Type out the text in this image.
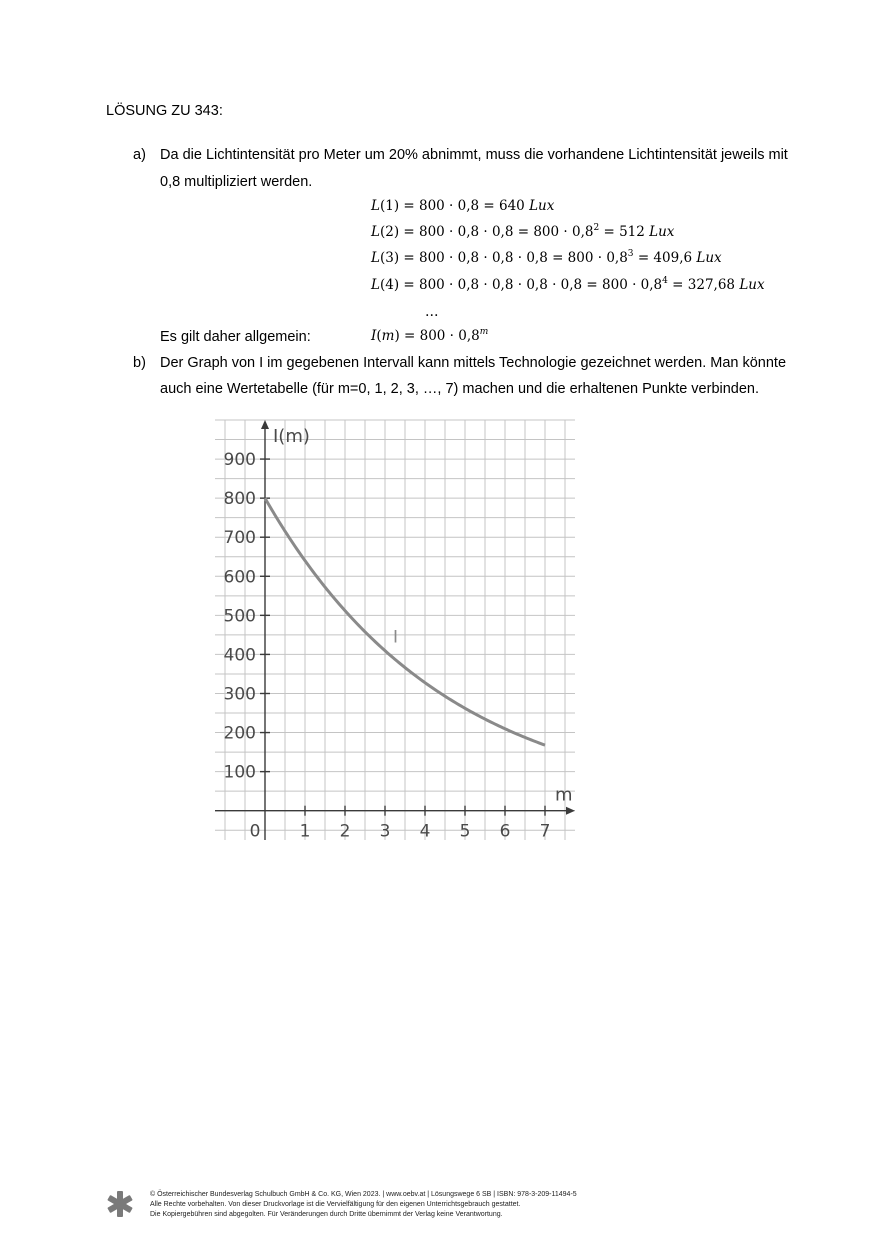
LÖSUNG ZU 343:
a) Da die Lichtintensität pro Meter um 20% abnimmt, muss die vorhandene Lichtintensität jeweils mit
0,8 multipliziert werden.
L(1) = 800 · 0,8 = 640 Lux
$L(2) = 800 \cdot 0,8 \cdot 0,8 = 800 \cdot 0,8^2 = 512$ Lux
$L(3) = 800 \cdot 0,8 \cdot 0,8 \cdot 0,8 = 800 \cdot 0,8^3 = 409,6$ Lux
$L(4) = 800 \cdot 0,8 \cdot 0,8 \cdot 0,8 \cdot 0,8 = 800 \cdot 0,8^4 = 327,68$ Lux
…
Es gilt daher allgemein:	$I(m) = 800 \cdot 0,8^m$
b) Der Graph von I im gegebenen Intervall kann mittels Technologie gezeichnet werden. Man könnte
auch eine Wertetabelle (für m=0, 1, 2, 3, …, 7) machen und die erhaltenen Punkte verbinden.
0 1 2 3 4 5 6 7
100
200
300
400
500
600
700
800
900
I(m)
m
I
© Österreichischer Bundesverlag Schulbuch GmbH & Co. KG, Wien 2023. | www.oebv.at | Lösungswege 6 SB | ISBN: 978-3-209-11494-5
Alle Rechte vorbehalten. Von dieser Druckvorlage ist die Vervielfältigung für den eigenen Unterrichtsgebrauch gestattet.
Die Kopiergebühren sind abgegolten. Für Veränderungen durch Dritte übernimmt der Verlag keine Verantwortung.
